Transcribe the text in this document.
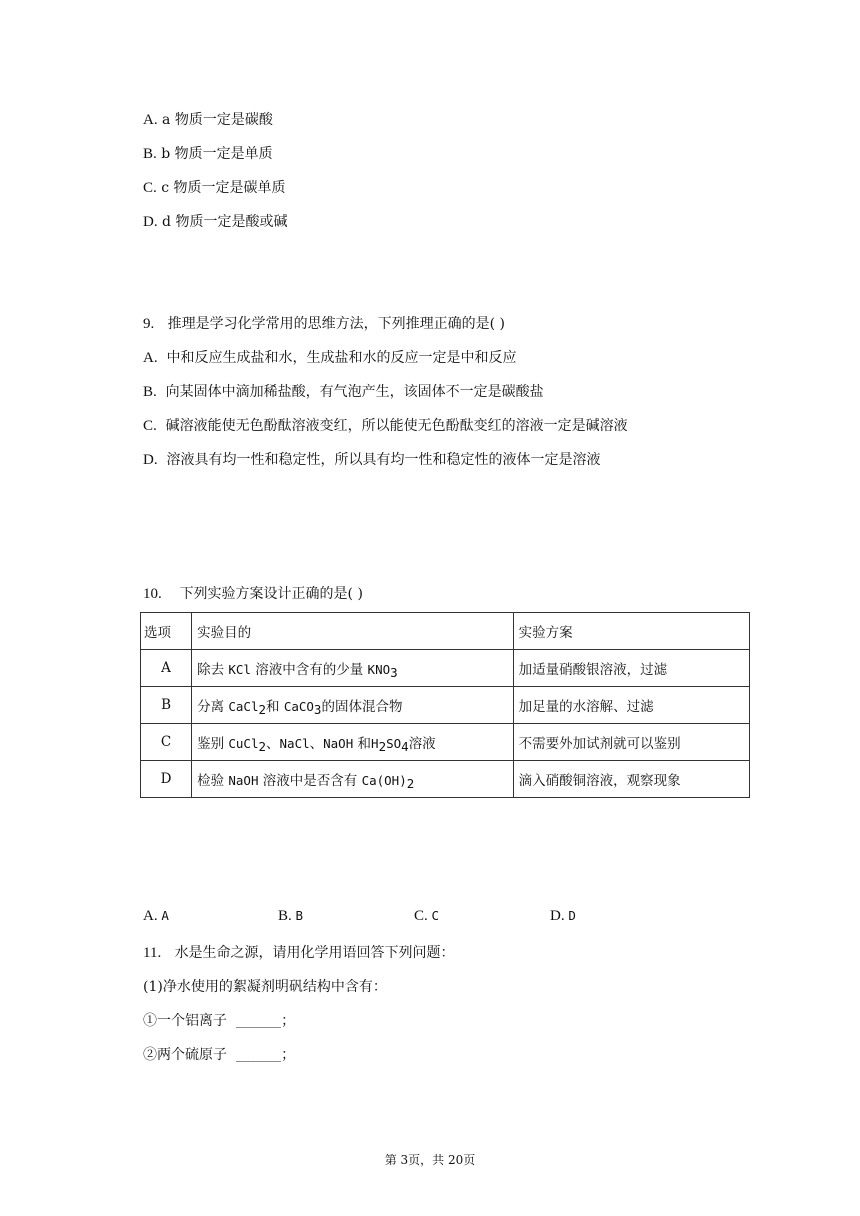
A. a 物质一定是碳酸
B. b 物质一定是单质
C. c 物质一定是碳单质
D. d 物质一定是酸或碱
9. 推理是学习化学常用的思维方法，下列推理正确的是( )
A. 中和反应生成盐和水，生成盐和水的反应一定是中和反应
B. 向某固体中滴加稀盐酸，有气泡产生，该固体不一定是碳酸盐
C. 碱溶液能使无色酚酞溶液变红，所以能使无色酚酞变红的溶液一定是碱溶液
D. 溶液具有均一性和稳定性，所以具有均一性和稳定性的液体一定是溶液
10. 下列实验方案设计正确的是( )
选项	实验目的	实验方案
A	除去 KCl 溶液中含有的少量 $KNO_3$	加适量硝酸银溶液，过滤
B	分离 CaCl$_2$和 CaCO$_3$的固体混合物	加足量的水溶解、过滤
C	鉴别 CuCl$_2$、NaCl、NaOH 和$H_2SO_4$溶液	不需要外加试剂就可以鉴别
D	检验 NaOH 溶液中是否含有 $Ca(OH)_2$	滴入硝酸铜溶液，观察现象
A. A	B. B	C. C	D. D
11. 水是生命之源，请用化学用语回答下列问题：
(1)净水使用的絮凝剂明矾结构中含有：
①一个铝离子 ______；
②两个硫原子 ______；
第 3页，共 20页
